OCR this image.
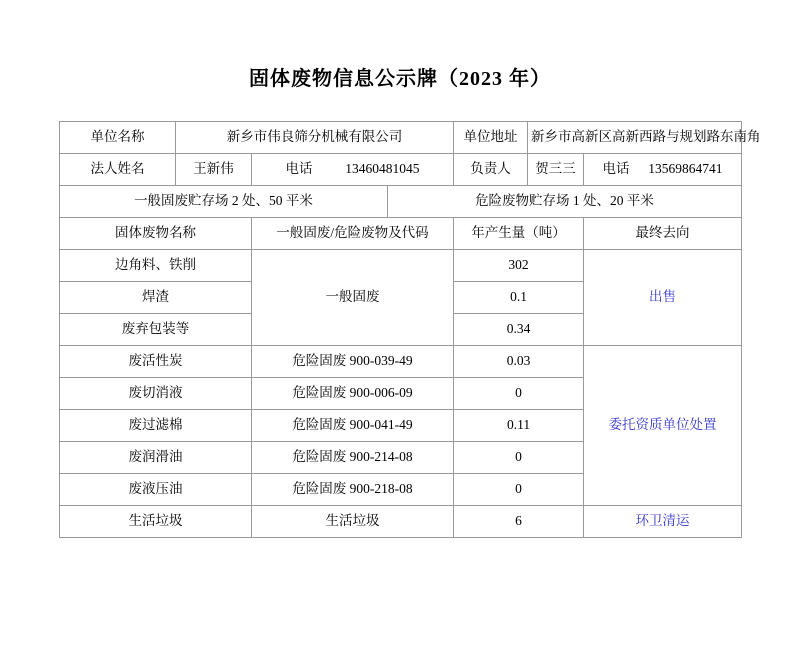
固体废物信息公示牌（2023 年）
单位名称	新乡市伟良筛分机械有限公司			单位地址	新乡市高新区高新西路与规划路东南角	
法人姓名	王新伟	电话 13460481045		负责人	贺三三	电话 13569864741
一般固废贮存场 2 处、50 平米			危险废物贮存场 1 处、20 平米			
固体废物名称		一般固废/危险废物及代码		年产生量（吨）		最终去向
边角料、铁削		一般固废		302		出售
焊渣				0.1		
废弃包装等				0.34		
废活性炭		危险固废 900-039-49		0.03		委托资质单位处置
废切消液		危险固废 900-006-09		0		
废过滤棉		危险固废 900-041-49		0.11		
废润滑油		危险固废 900-214-08		0		
废液压油		危险固废 900-218-08		0		
生活垃圾		生活垃圾		6		环卫清运
